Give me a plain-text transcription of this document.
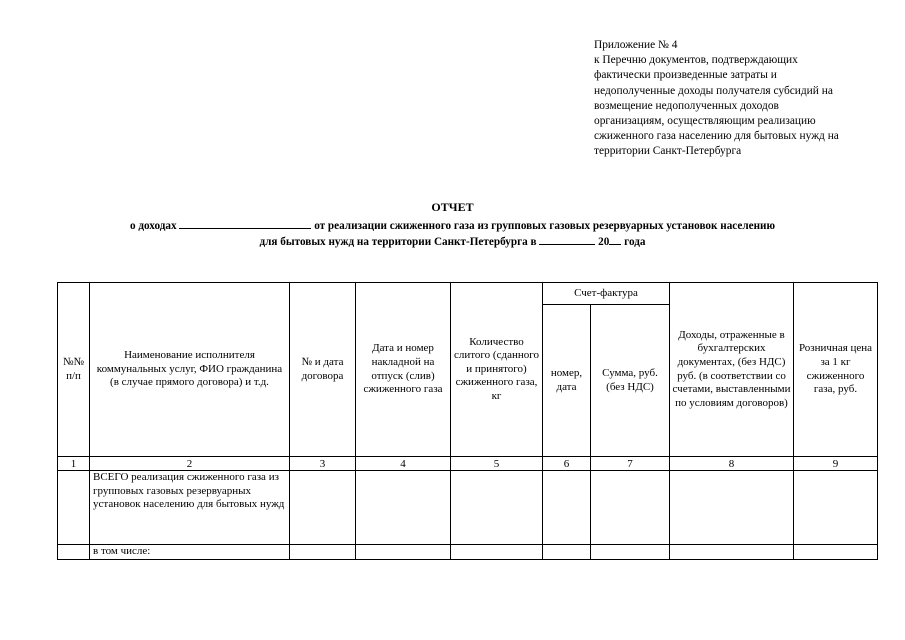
Приложение № 4
к Перечню документов, подтверждающих
фактически произведенные затраты и
недополученные доходы получателя субсидий на
возмещение недополученных доходов
организациям, осуществляющим реализацию
сжиженного газа населению для бытовых нужд на
территории Санкт-Петербурга
ОТЧЕТ
о доходах	от реализации сжиженного газа из групповых газовых резервуарных установок населению
для бытовых нужд на территории Санкт-Петербурга в	20 года
№№ п/п	Наименование исполнителя коммунальных услуг, ФИО гражданина (в случае прямого договора) и т.д.	№ и дата договора	Дата и номер накладной на отпуск (слив) сжиженного газа	Количество слитого (сданного и принятого) сжиженного газа, кг	Счет-фактура		Доходы, отраженные в бухгалтерских документах, (без НДС) руб. (в соответствии со счетами, выставленными по условиям договоров)	Розничная цена за 1 кг сжиженного газа, руб.
					номер, дата	Сумма, руб. (без НДС)		
1	2	3	4	5	6	7	8	9
	ВСЕГО реализация сжиженного газа из групповых газовых резервуарных установок населению для бытовых нужд							
	в том числе:							
